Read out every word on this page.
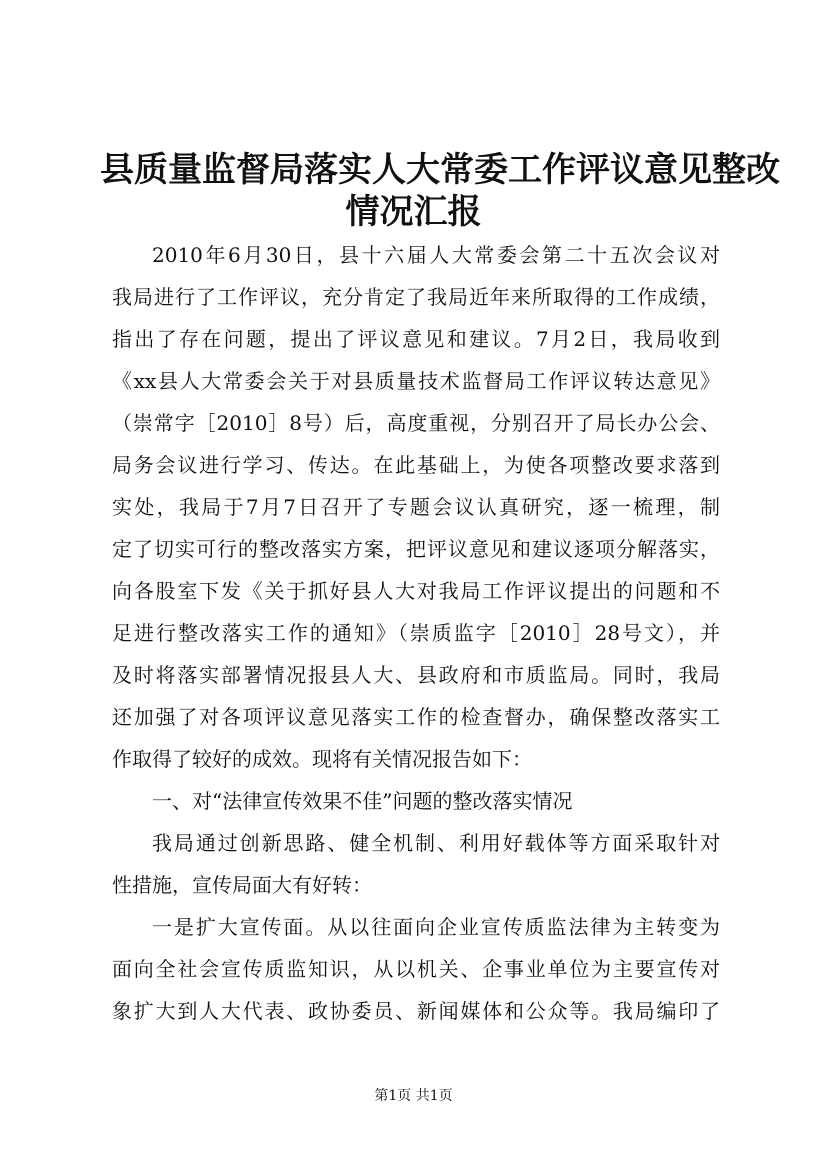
县质量监督局落实人大常委工作评议意见整改
情况汇报
2010年6月30日，县十六届人大常委会第二十五次会议对
我局进行了工作评议，充分肯定了我局近年来所取得的工作成绩，
指出了存在问题，提出了评议意见和建议。7月2日，我局收到
《xx县人大常委会关于对县质量技术监督局工作评议转达意见》
（崇常字［2010］8号）后，高度重视，分别召开了局长办公会、
局务会议进行学习、传达。在此基础上，为使各项整改要求落到
实处，我局于7月7日召开了专题会议认真研究，逐一梳理，制
定了切实可行的整改落实方案，把评议意见和建议逐项分解落实，
向各股室下发《关于抓好县人大对我局工作评议提出的问题和不
足进行整改落实工作的通知》（崇质监字［2010］28号文），并
及时将落实部署情况报县人大、县政府和市质监局。同时，我局
还加强了对各项评议意见落实工作的检查督办，确保整改落实工
作取得了较好的成效。现将有关情况报告如下：
一、对“法律宣传效果不佳”问题的整改落实情况
我局通过创新思路、健全机制、利用好载体等方面采取针对
性措施，宣传局面大有好转：
一是扩大宣传面。从以往面向企业宣传质监法律为主转变为
面向全社会宣传质监知识，从以机关、企事业单位为主要宣传对
象扩大到人大代表、政协委员、新闻媒体和公众等。我局编印了
第1页 共1页
